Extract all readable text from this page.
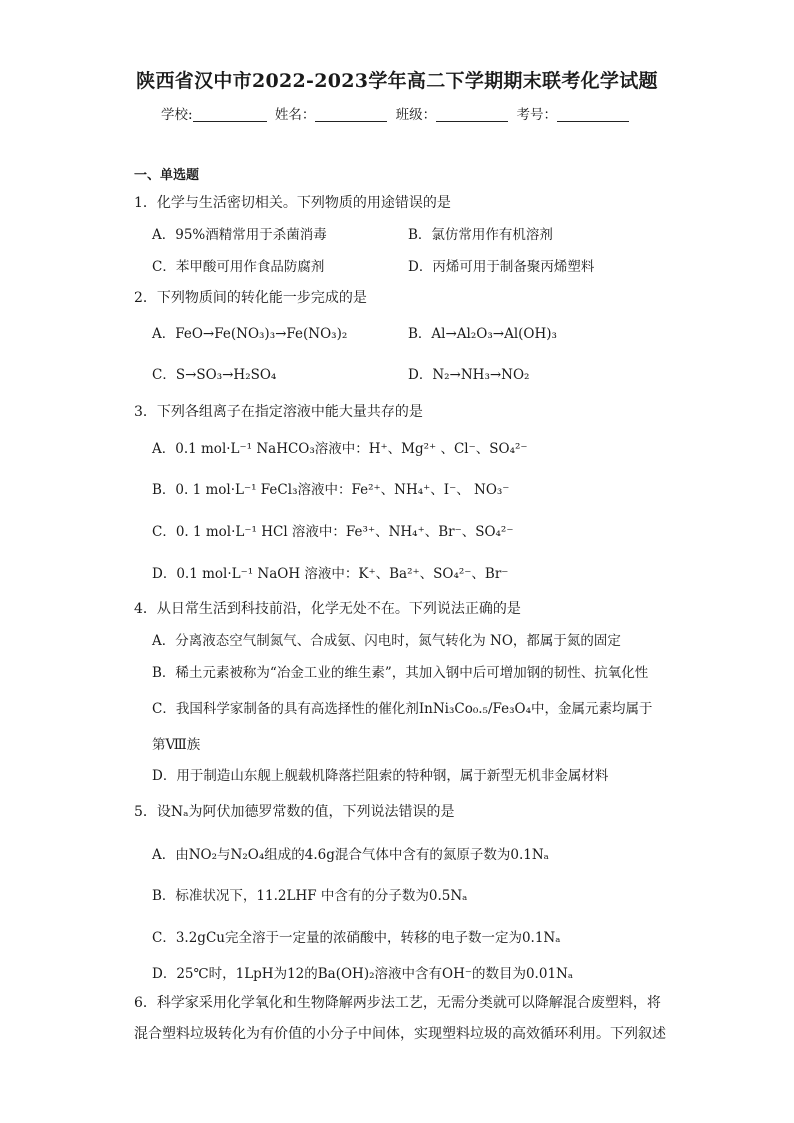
陕西省汉中市2022-2023学年高二下学期期末联考化学试题
学校:	姓名：	班级：	考号：
一、单选题
1．化学与生活密切相关。下列物质的用途错误的是
A．95%酒精常用于杀菌消毒	B．氯仿常用作有机溶剂
C．苯甲酸可用作食品防腐剂	D．丙烯可用于制备聚丙烯塑料
2．下列物质间的转化能一步完成的是
A．FeO→Fe(NO₃)₃→Fe(NO₃)₂	B．Al→Al₂O₃→Al(OH)₃
C．S→SO₃→H₂SO₄	D．N₂→NH₃→NO₂
3．下列各组离子在指定溶液中能大量共存的是
A．0.1 mol·L⁻¹ NaHCO₃溶液中：H⁺、Mg²⁺ 、Cl⁻、SO₄²⁻
B．0. 1 mol·L⁻¹ FeCl₃溶液中：Fe²⁺、NH₄⁺、I⁻、 NO₃⁻
C．0. 1 mol·L⁻¹ HCl 溶液中：Fe³⁺、NH₄⁺、Br⁻、SO₄²⁻
D．0.1 mol·L⁻¹ NaOH 溶液中：K⁺、Ba²⁺、SO₄²⁻、Br⁻
4．从日常生活到科技前沿，化学无处不在。下列说法正确的是
A．分离液态空气制氮气、合成氨、闪电时，氮气转化为 NO，都属于氮的固定
B．稀土元素被称为“冶金工业的维生素”，其加入钢中后可增加钢的韧性、抗氧化性
C．我国科学家制备的具有高选择性的催化剂InNi₃Co₀.₅/Fe₃O₄中，金属元素均属于
第Ⅷ族
D．用于制造山东舰上舰载机降落拦阻索的特种钢，属于新型无机非金属材料
5．设Nₐ为阿伏加德罗常数的值，下列说法错误的是
A．由NO₂与N₂O₄组成的4.6g混合气体中含有的氮原子数为0.1Nₐ
B．标准状况下，11.2LHF 中含有的分子数为0.5Nₐ
C．3.2gCu完全溶于一定量的浓硝酸中，转移的电子数一定为0.1Nₐ
D．25℃时，1LpH为12的Ba(OH)₂溶液中含有OH⁻的数目为0.01Nₐ
6．科学家采用化学氧化和生物降解两步法工艺，无需分类就可以降解混合废塑料，将
混合塑料垃圾转化为有价值的小分子中间体，实现塑料垃圾的高效循环利用。下列叙述
